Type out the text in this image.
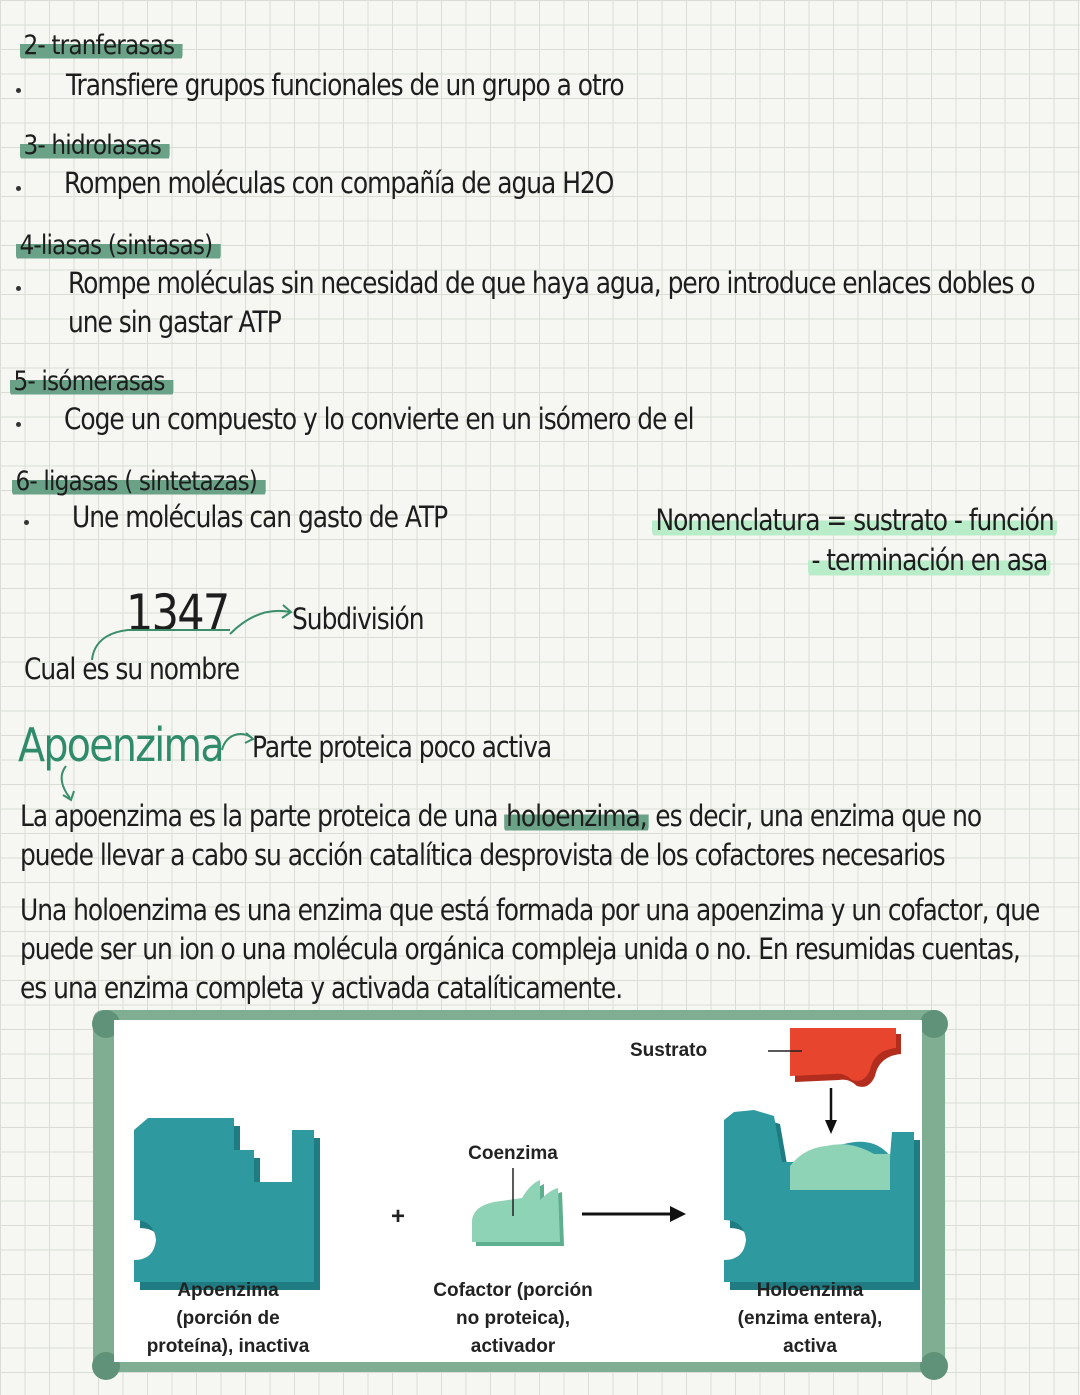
2- tranferasas
Transfiere grupos funcionales de un grupo a otro
3- hidrolasas
Rompen moléculas con compañía de agua H2O
4-liasas (sintasas)
Rompe moléculas sin necesidad de que haya agua, pero introduce enlaces dobles o
une sin gastar ATP
5- isómerasas
Coge un compuesto y lo convierte en un isómero de el
6- ligasas ( sintetazas)
Une moléculas can gasto de ATP	Nomenclatura = sustrato - función
- terminación en asa
1347 Subdivisión
Cual es su nombre
Apoenzima Parte proteica poco activa
La apoenzima es la parte proteica de una holoenzima, es decir, una enzima que no puede llevar a cabo su acción catalítica desprovista de los cofactores necesarios
Una holoenzima es una enzima que está formada por una apoenzima y un cofactor, que puede ser un ion o una molécula orgánica compleja unida o no. En resumidas cuentas, es una enzima completa y activada catalíticamente.
+
Sustrato
Coenzima
Apoenzima
(porción de
proteína), inactiva
Cofactor (porción
no proteica),
activador
Holoenzima
(enzima entera),
activa
